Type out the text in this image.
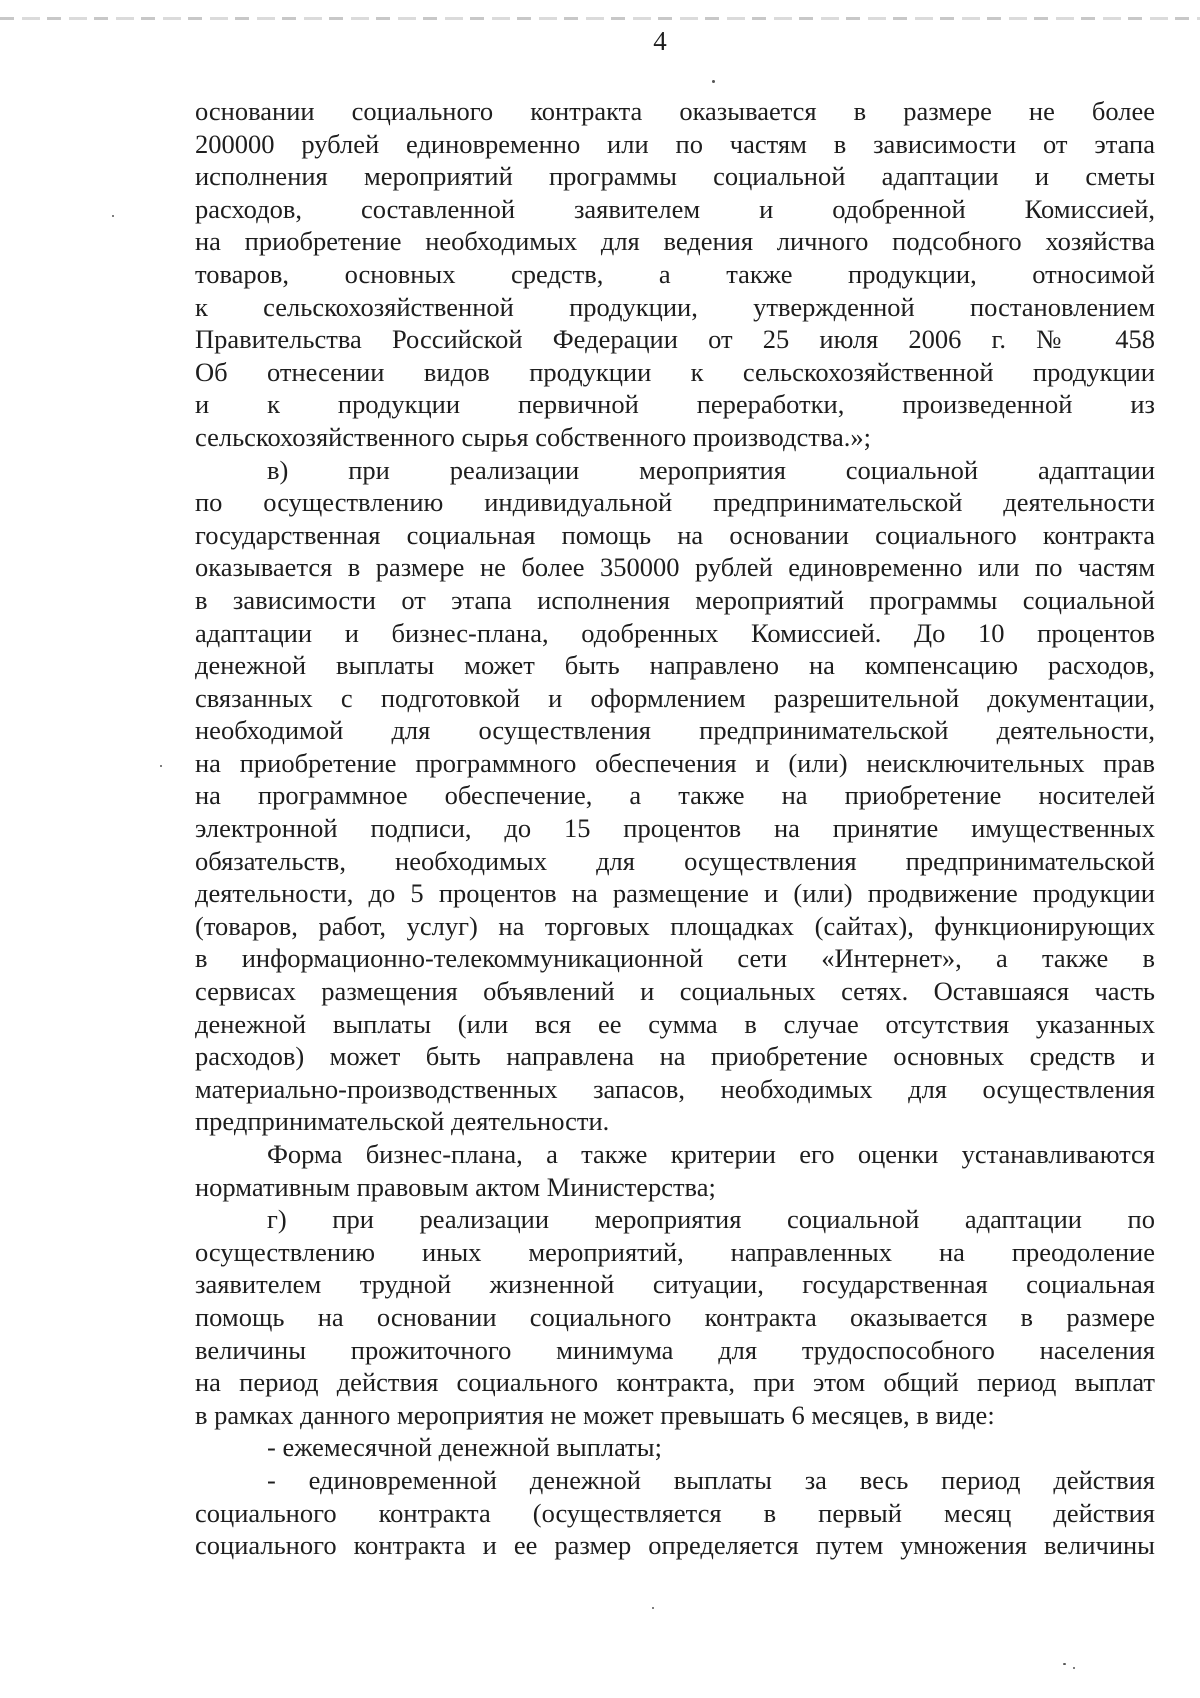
4

основании социального контракта оказывается в размере не более
200000 рублей единовременно или по частям в зависимости от этапа
исполнения мероприятий программы социальной адаптации и сметы
расходов, составленной заявителем и одобренной Комиссией,
на приобретение необходимых для ведения личного подсобного хозяйства
товаров, основных средств, а также продукции, относимой
к сельскохозяйственной продукции, утвержденной постановлением
Правительства Российской Федерации от 25 июля 2006 г. № 458
Об отнесении видов продукции к сельскохозяйственной продукции
и к продукции первичной переработки, произведенной из
сельскохозяйственного сырья собственного производства.»;

в) при реализации мероприятия социальной адаптации
по осуществлению индивидуальной предпринимательской деятельности
государственная социальная помощь на основании социального контракта
оказывается в размере не более 350000 рублей единовременно или по частям
в зависимости от этапа исполнения мероприятий программы социальной
адаптации и бизнес-плана, одобренных Комиссией. До 10 процентов
денежной выплаты может быть направлено на компенсацию расходов,
связанных с подготовкой и оформлением разрешительной документации,
необходимой для осуществления предпринимательской деятельности,
на приобретение программного обеспечения и (или) неисключительных прав
на программное обеспечение, а также на приобретение носителей
электронной подписи, до 15 процентов на принятие имущественных
обязательств, необходимых для осуществления предпринимательской
деятельности, до 5 процентов на размещение и (или) продвижение продукции
(товаров, работ, услуг) на торговых площадках (сайтах), функционирующих
в информационно-телекоммуникационной сети «Интернет», а также в
сервисах размещения объявлений и социальных сетях. Оставшаяся часть
денежной выплаты (или вся ее сумма в случае отсутствия указанных
расходов) может быть направлена на приобретение основных средств и
материально-производственных запасов, необходимых для осуществления
предпринимательской деятельности.

Форма бизнес-плана, а также критерии его оценки устанавливаются
нормативным правовым актом Министерства;

г) при реализации мероприятия социальной адаптации по
осуществлению иных мероприятий, направленных на преодоление
заявителем трудной жизненной ситуации, государственная социальная
помощь на основании социального контракта оказывается в размере
величины прожиточного минимума для трудоспособного населения
на период действия социального контракта, при этом общий период выплат
в рамках данного мероприятия не может превышать 6 месяцев, в виде:

- ежемесячной денежной выплаты;

- единовременной денежной выплаты за весь период действия
социального контракта (осуществляется в первый месяц действия
социального контракта и ее размер определяется путем умножения величины
